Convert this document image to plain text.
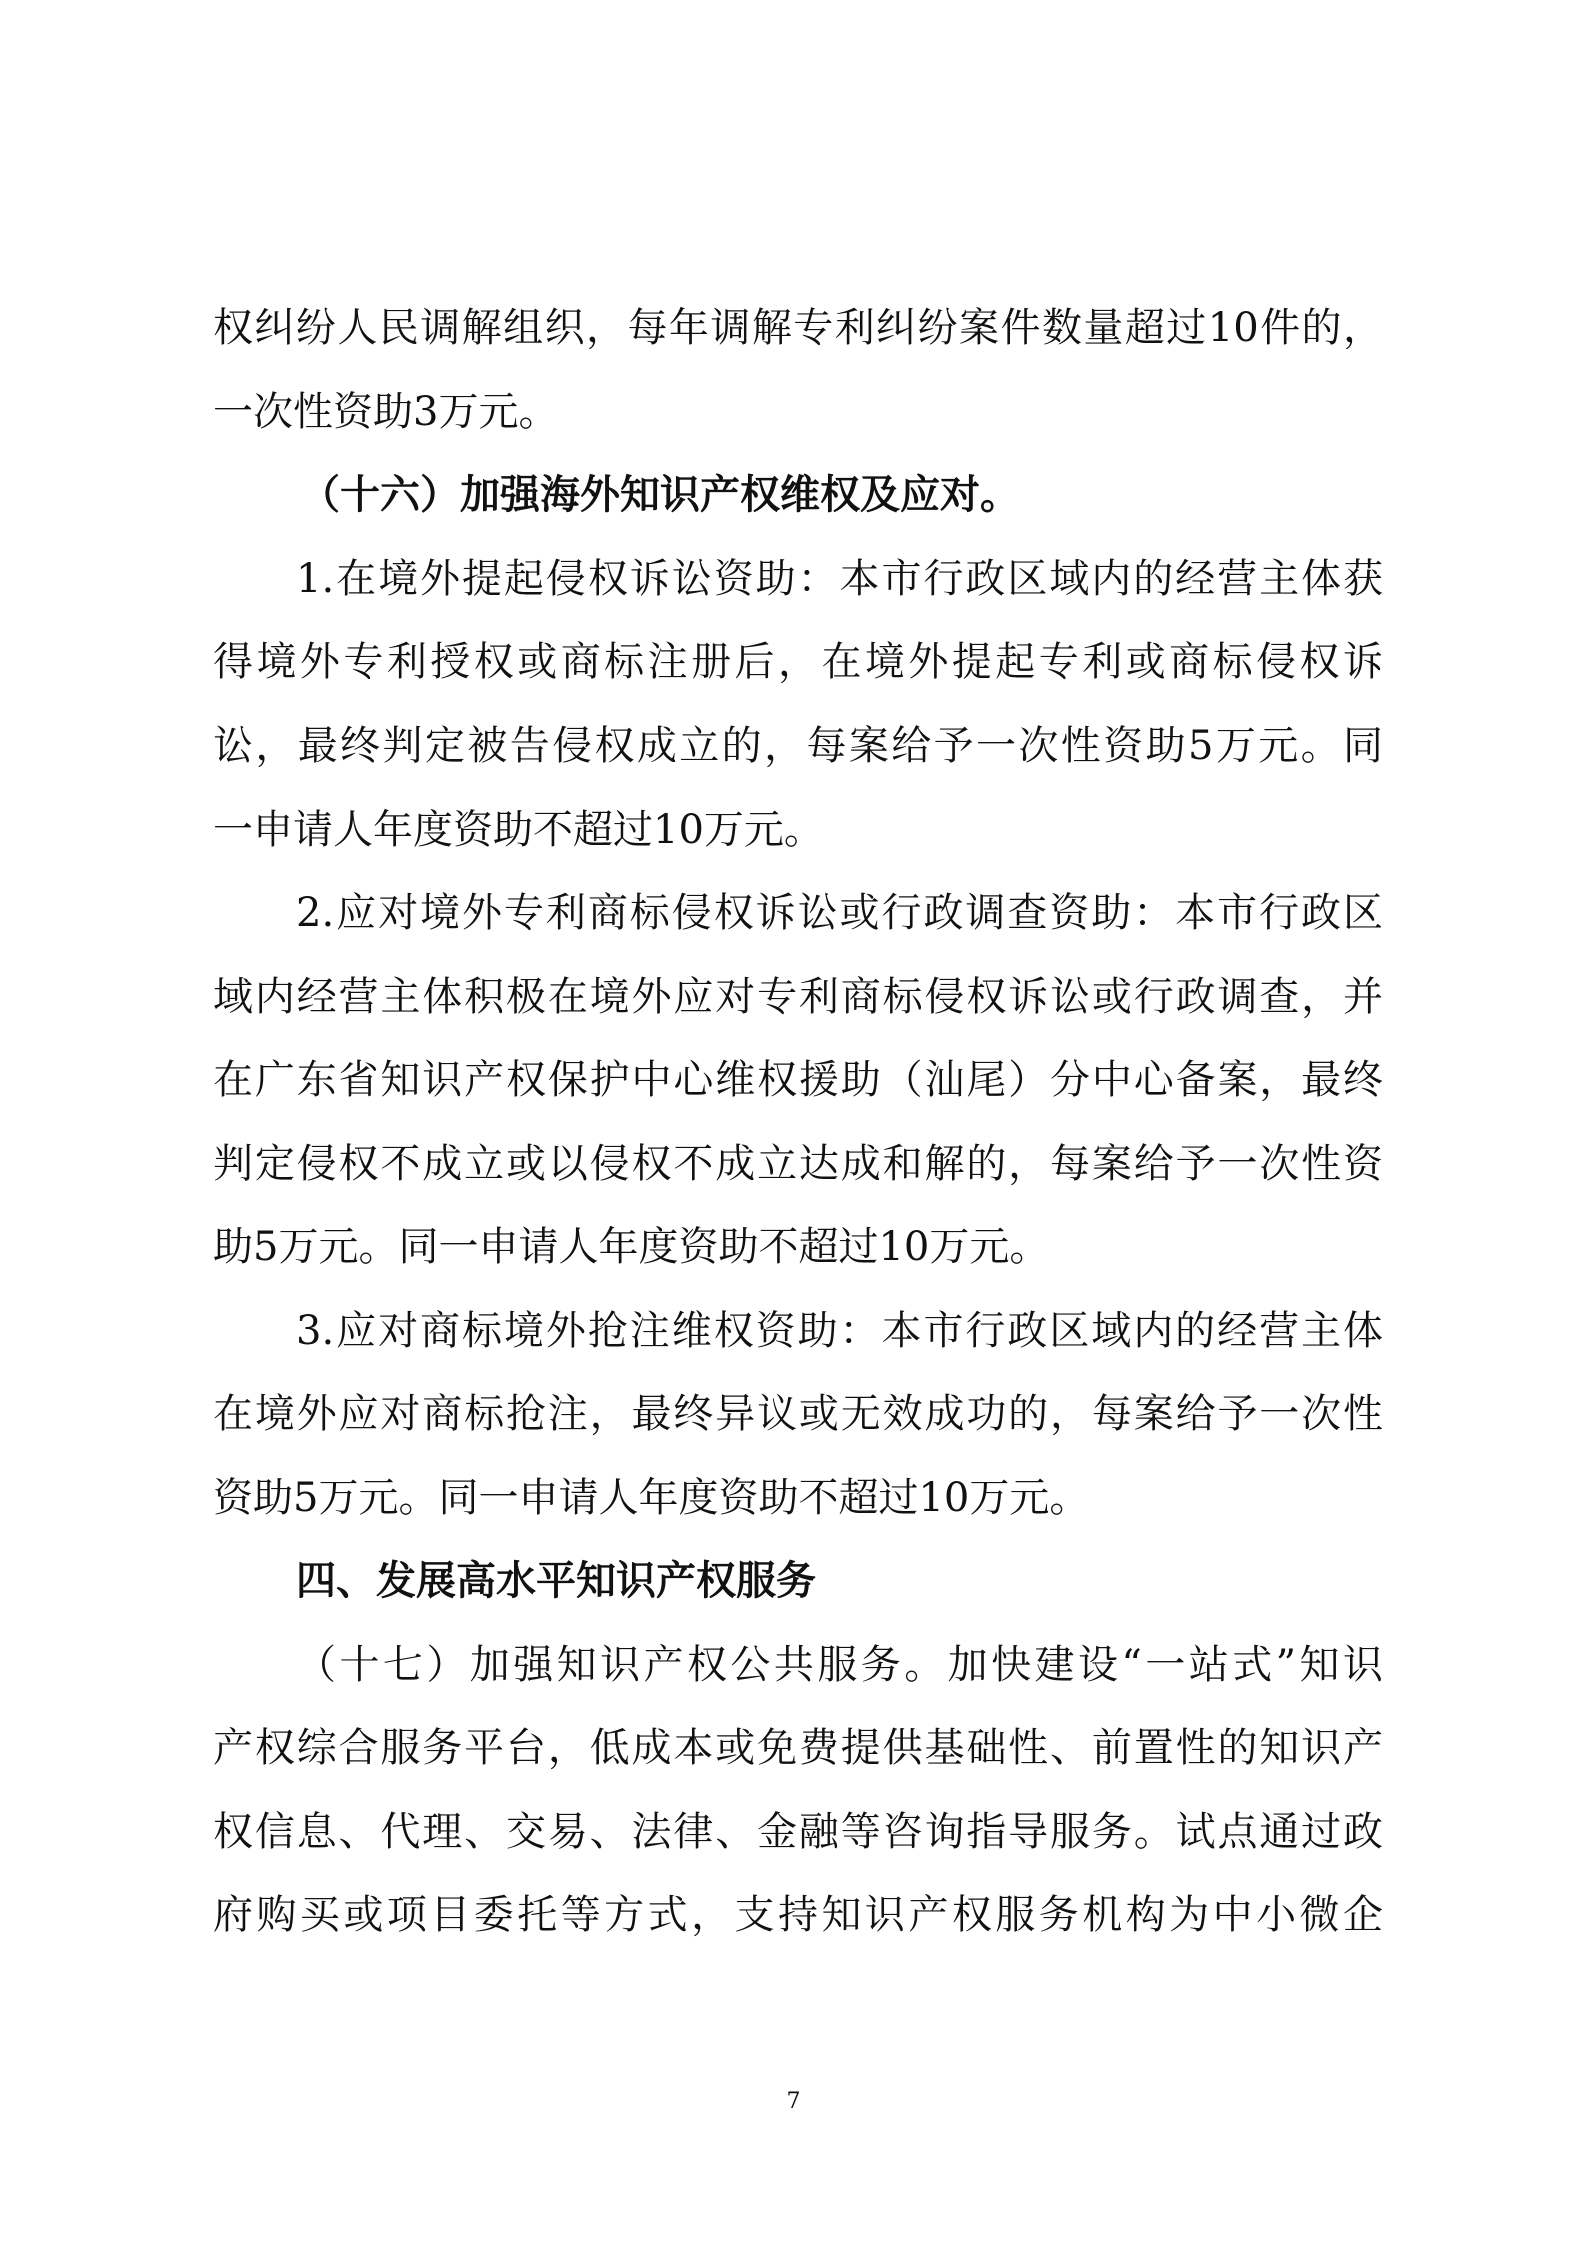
权纠纷人民调解组织，每年调解专利纠纷案件数量超过10件的，
一次性资助3万元。
（十六）加强海外知识产权维权及应对。
1.在境外提起侵权诉讼资助：本市行政区域内的经营主体获
得境外专利授权或商标注册后，在境外提起专利或商标侵权诉
讼，最终判定被告侵权成立的，每案给予一次性资助5万元。同
一申请人年度资助不超过10万元。
2.应对境外专利商标侵权诉讼或行政调查资助：本市行政区
域内经营主体积极在境外应对专利商标侵权诉讼或行政调查，并
在广东省知识产权保护中心维权援助（汕尾）分中心备案，最终
判定侵权不成立或以侵权不成立达成和解的，每案给予一次性资
助5万元。同一申请人年度资助不超过10万元。
3.应对商标境外抢注维权资助：本市行政区域内的经营主体
在境外应对商标抢注，最终异议或无效成功的，每案给予一次性
资助5万元。同一申请人年度资助不超过10万元。
四、发展高水平知识产权服务
（十七）加强知识产权公共服务。加快建设“一站式”知识
产权综合服务平台，低成本或免费提供基础性、前置性的知识产
权信息、代理、交易、法律、金融等咨询指导服务。试点通过政
府购买或项目委托等方式，支持知识产权服务机构为中小微企
7
